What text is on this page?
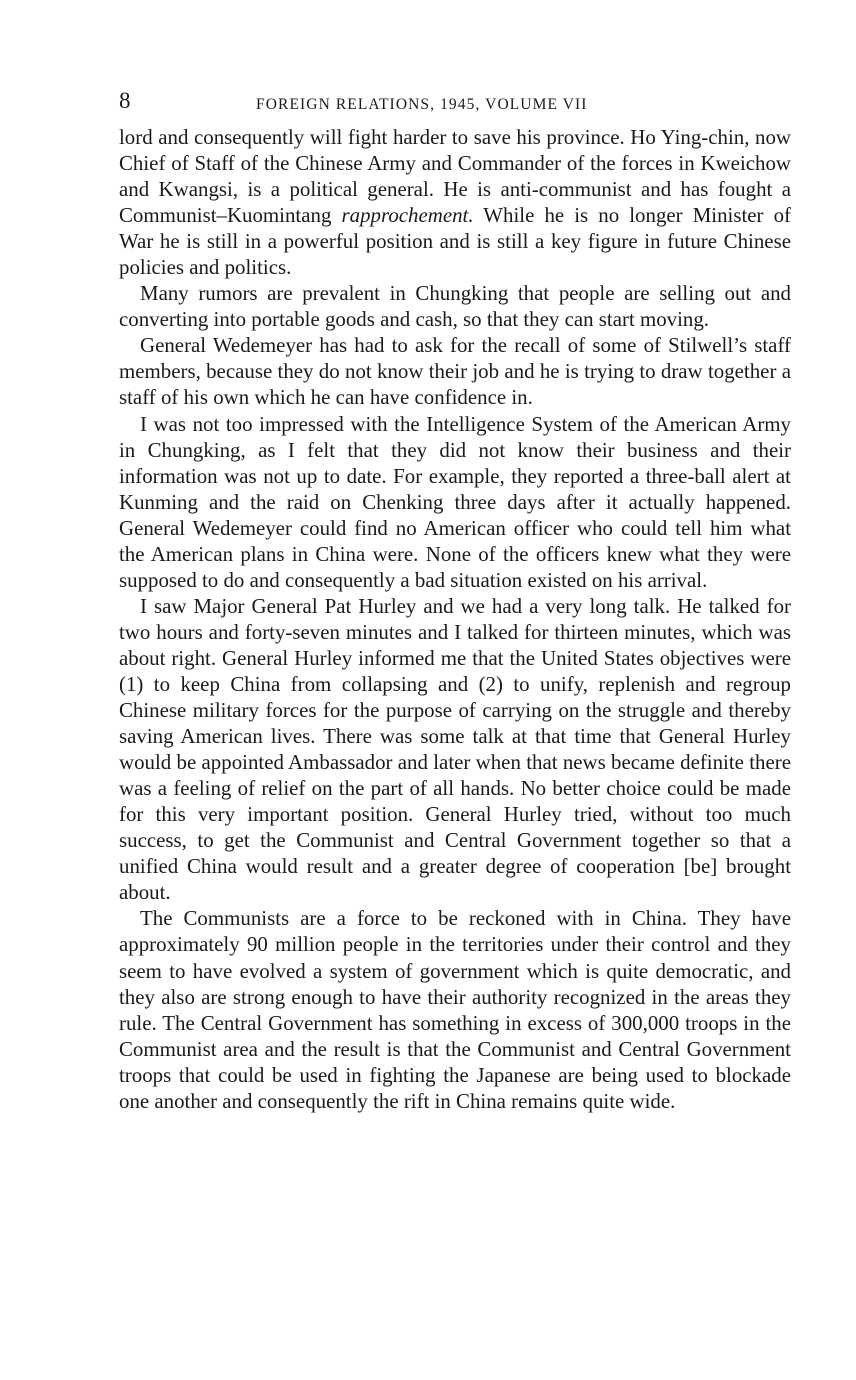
8	FOREIGN RELATIONS, 1945, VOLUME VII

lord and consequently will fight harder to save his province. Ho Ying-chin, now Chief of Staff of the Chinese Army and Commander of the forces in Kweichow and Kwangsi, is a political general. He is anti-communist and has fought a Communist–Kuomintang rapprochement. While he is no longer Minister of War he is still in a powerful position and is still a key figure in future Chinese policies and politics.

Many rumors are prevalent in Chungking that people are selling out and converting into portable goods and cash, so that they can start moving.

General Wedemeyer has had to ask for the recall of some of Stilwell’s staff members, because they do not know their job and he is trying to draw together a staff of his own which he can have confidence in.

I was not too impressed with the Intelligence System of the American Army in Chungking, as I felt that they did not know their business and their information was not up to date. For example, they reported a three-ball alert at Kunming and the raid on Chenking three days after it actually happened. General Wedemeyer could find no American officer who could tell him what the American plans in China were. None of the officers knew what they were supposed to do and consequently a bad situation existed on his arrival.

I saw Major General Pat Hurley and we had a very long talk. He talked for two hours and forty-seven minutes and I talked for thirteen minutes, which was about right. General Hurley informed me that the United States objectives were (1) to keep China from collapsing and (2) to unify, replenish and regroup Chinese military forces for the purpose of carrying on the struggle and thereby saving American lives. There was some talk at that time that General Hurley would be appointed Ambassador and later when that news became definite there was a feeling of relief on the part of all hands. No better choice could be made for this very important position. General Hurley tried, without too much success, to get the Communist and Central Government together so that a unified China would result and a greater degree of cooperation [be] brought about.

The Communists are a force to be reckoned with in China. They have approximately 90 million people in the territories under their control and they seem to have evolved a system of government which is quite democratic, and they also are strong enough to have their authority recognized in the areas they rule. The Central Government has something in excess of 300,000 troops in the Communist area and the result is that the Communist and Central Government troops that could be used in fighting the Japanese are being used to blockade one another and consequently the rift in China remains quite wide.
